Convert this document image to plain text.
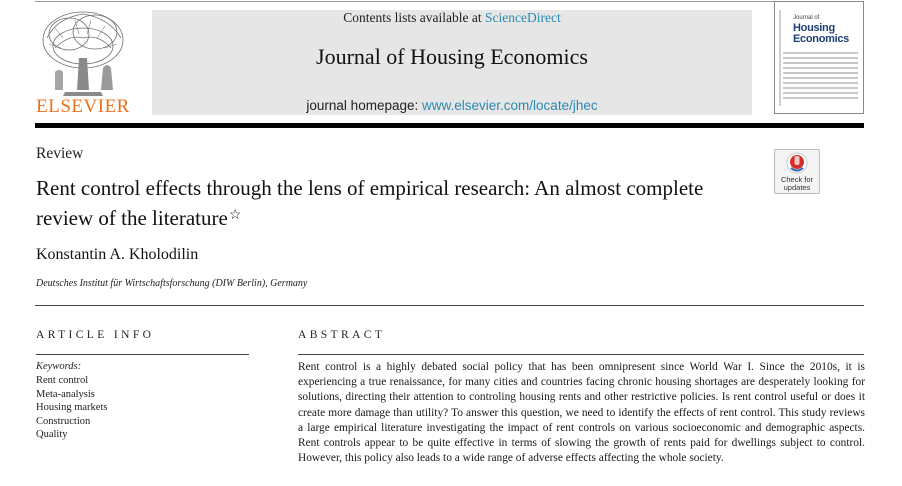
ELSEVIER
Contents lists available at ScienceDirect
Journal of Housing Economics
journal homepage: www.elsevier.com/locate/jhec
Journal of
Housing
Economics
Review
Rent control effects through the lens of empirical research: An almost complete review of the literature☆
Check for updates
Konstantin A. Kholodilin
Deutsches Institut für Wirtschaftsforschung (DIW Berlin), Germany
ARTICLE INFO
Keywords:
Rent control
Meta-analysis
Housing markets
Construction
Quality
ABSTRACT
Rent control is a highly debated social policy that has been omnipresent since World War I. Since the 2010s, it is experiencing a true renaissance, for many cities and countries facing chronic housing shortages are desperately looking for solutions, directing their attention to controling housing rents and other restrictive policies. Is rent control useful or does it create more damage than utility? To answer this question, we need to identify the effects of rent control. This study reviews a large empirical literature investigating the impact of rent controls on various socioeconomic and demographic aspects. Rent controls appear to be quite effective in terms of slowing the growth of rents paid for dwellings subject to control. However, this policy also leads to a wide range of adverse effects affecting the whole society.
